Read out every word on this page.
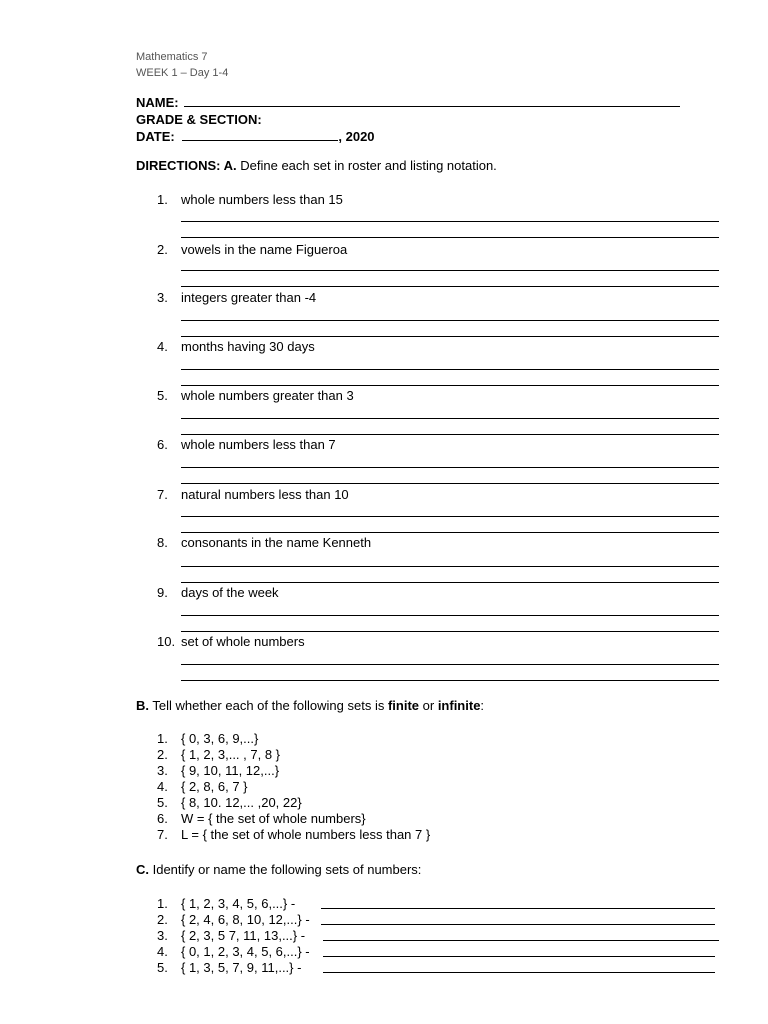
Mathematics 7
WEEK 1 – Day 1-4
NAME:
GRADE & SECTION:
DATE:	, 2020
DIRECTIONS: A. Define each set in roster and listing notation.
1. whole numbers less than 15
2. vowels in the name Figueroa
3. integers greater than -4
4. months having 30 days
5. whole numbers greater than 3
6. whole numbers less than 7
7. natural numbers less than 10
8. consonants in the name Kenneth
9. days of the week
10. set of whole numbers
B. Tell whether each of the following sets is finite or infinite:
1. { 0, 3, 6, 9,...}
2. { 1, 2, 3,... , 7, 8 }
3. { 9, 10, 11, 12,...}
4. { 2, 8, 6, 7 }
5. { 8, 10. 12,... ,20, 22}
6. W = { the set of whole numbers}
7. L = { the set of whole numbers less than 7 }
C. Identify or name the following sets of numbers:
1. { 1, 2, 3, 4, 5, 6,...} -
2. { 2, 4, 6, 8, 10, 12,...} -
3. { 2, 3, 5 7, 11, 13,...} -
4. { 0, 1, 2, 3, 4, 5, 6,...} -
5. { 1, 3, 5, 7, 9, 11,...} -
